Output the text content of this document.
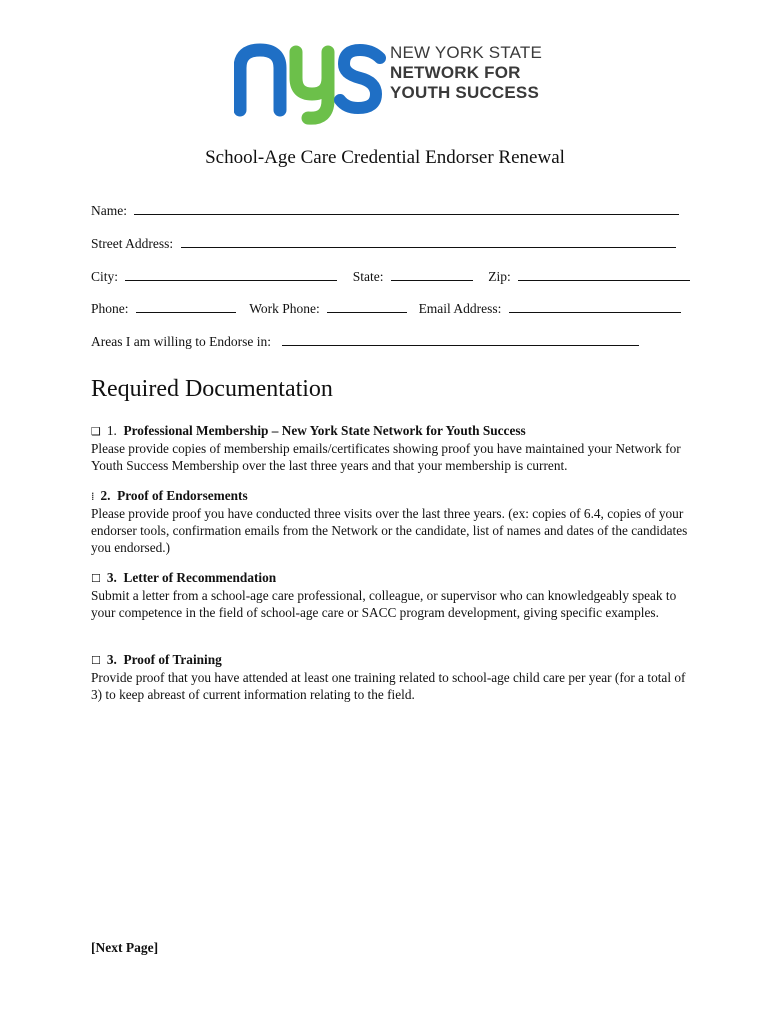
NEW YORK STATE
NETWORK FOR
YOUTH SUCCESS
School-Age Care Credential Endorser Renewal
Name:
Street Address:
City:	State:	Zip:
Phone:	Work Phone:	Email Address:
Areas I am willing to Endorse in:
Required Documentation
❑ 1. Professional Membership – New York State Network for Youth Success
Please provide copies of membership emails/certificates showing proof you have maintained your Network for Youth Success Membership over the last three years and that your membership is current.
⁞ 2. Proof of Endorsements
Please provide proof you have conducted three visits over the last three years. (ex: copies of 6.4, copies of your endorser tools, confirmation emails from the Network or the candidate, list of names and dates of the candidates you endorsed.)
☐ 3. Letter of Recommendation
Submit a letter from a school-age care professional, colleague, or supervisor who can knowledgeably speak to your competence in the field of school-age care or SACC program development, giving specific examples.
☐ 3. Proof of Training
Provide proof that you have attended at least one training related to school-age child care per year (for a total of 3) to keep abreast of current information relating to the field.
[Next Page]
